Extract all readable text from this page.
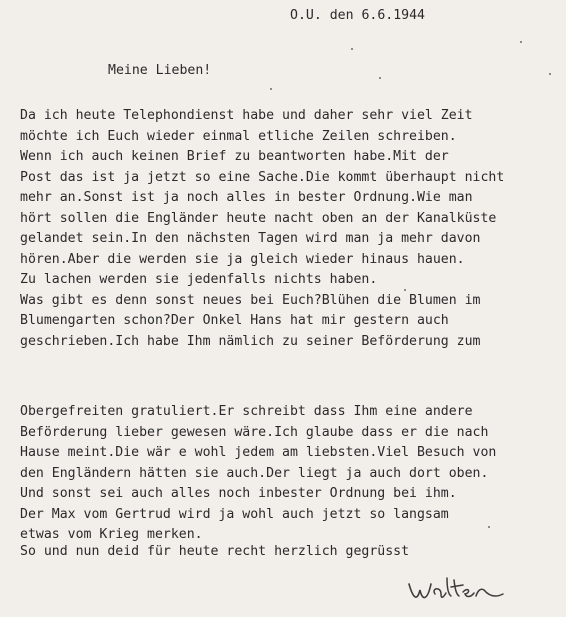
O.U. den 6.6.1944
Meine Lieben!
Da ich heute Telephondienst habe und daher sehr viel Zeit
möchte ich Euch wieder einmal etliche Zeilen schreiben.
Wenn ich auch keinen Brief zu beantworten habe.Mit der
Post das ist ja jetzt so eine Sache.Die kommt überhaupt nicht
mehr an.Sonst ist ja noch alles in bester Ordnung.Wie man
hört sollen die Engländer heute nacht oben an der Kanalküste
gelandet sein.In den nächsten Tagen wird man ja mehr davon
hören.Aber die werden sie ja gleich wieder hinaus hauen.
Zu lachen werden sie jedenfalls nichts haben.
Was gibt es denn sonst neues bei Euch?Blühen die Blumen im
Blumengarten schon?Der Onkel Hans hat mir gestern auch
geschrieben.Ich habe Ihm nämlich zu seiner Beförderung zum
Obergefreiten gratuliert.Er schreibt dass Ihm eine andere
Beförderung lieber gewesen wäre.Ich glaube dass er die nach
Hause meint.Die wär e wohl jedem am liebsten.Viel Besuch von
den Engländern hätten sie auch.Der liegt ja auch dort oben.
Und sonst sei auch alles noch inbester Ordnung bei ihm.
Der Max vom Gertrud wird ja wohl auch jetzt so langsam
etwas vom Krieg merken.
So und nun deid für heute recht herzlich gegrüsst
